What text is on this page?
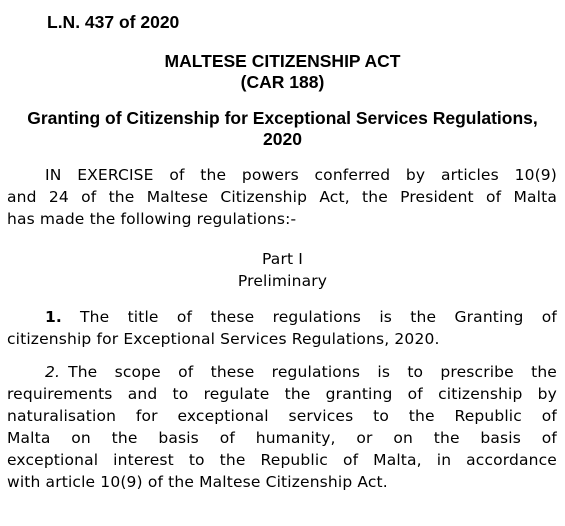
L.N. 437 of 2020
MALTESE CITIZENSHIP ACT
(CAR 188)
Granting of Citizenship for Exceptional Services Regulations,
2020
IN EXERCISE of the powers conferred by articles 10(9)
and 24 of the Maltese Citizenship Act, the President of Malta
has made the following regulations:-
Part I
Preliminary
1. The title of these regulations is the Granting of
citizenship for Exceptional Services Regulations, 2020.
2. The scope of these regulations is to prescribe the
requirements and to regulate the granting of citizenship by
naturalisation for exceptional services to the Republic of
Malta on the basis of humanity, or on the basis of
exceptional interest to the Republic of Malta, in accordance
with article 10(9) of the Maltese Citizenship Act.
